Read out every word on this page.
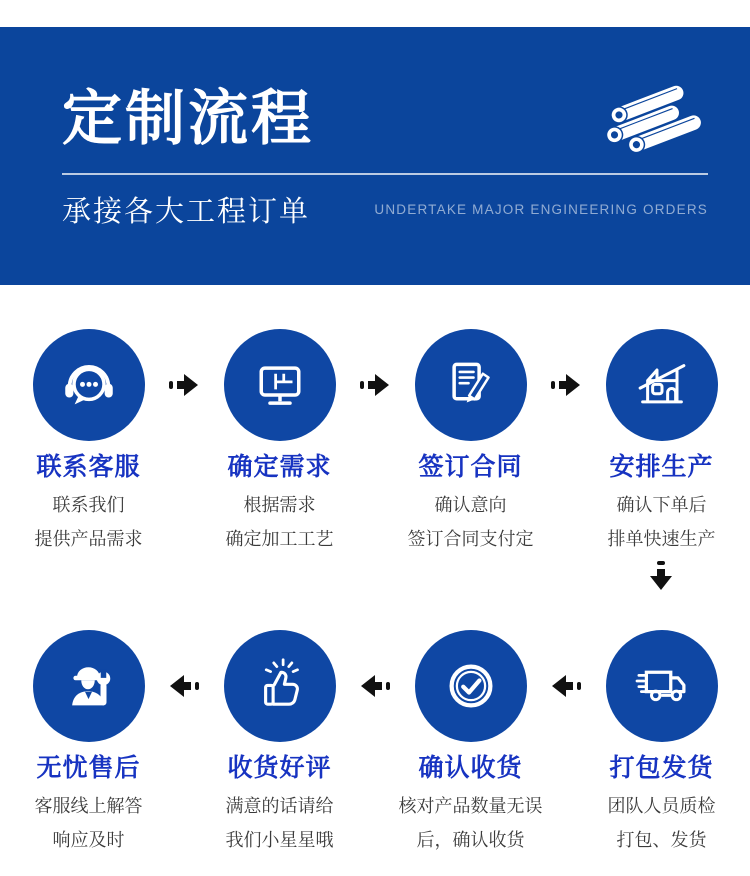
定制流程
承接各大工程订单	UNDERTAKE MAJOR ENGINEERING ORDERS
联系客服
联系我们
提供产品需求
确定需求
根据需求
确定加工工艺
签订合同
确认意向
签订合同支付定
安排生产
确认下单后
排单快速生产
无忧售后
客服线上解答
响应及时
收货好评
满意的话请给
我们小星星哦
确认收货
核对产品数量无误
后，确认收货
打包发货
团队人员质检
打包、发货
